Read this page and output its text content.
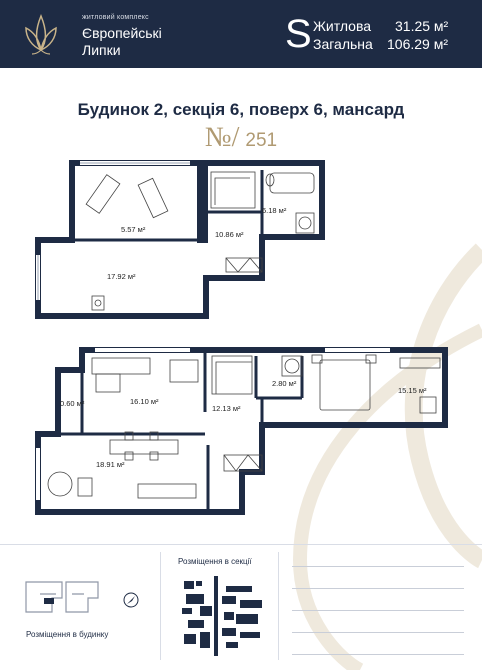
житловий комплекс
Європейські
Липки	S Житлова 31.25 м²
Загальна 106.29 м²
Будинок 2, секція 6, поверх 6, мансард
№/ 251
5.57 м²
10.86 м²
6.18 м²
17.92 м²
0.60 м²	16.10 м²
12.13 м²
2.80 м²
15.15 м²
18.91 м²
Розміщення в будинку
Розміщення в секції
